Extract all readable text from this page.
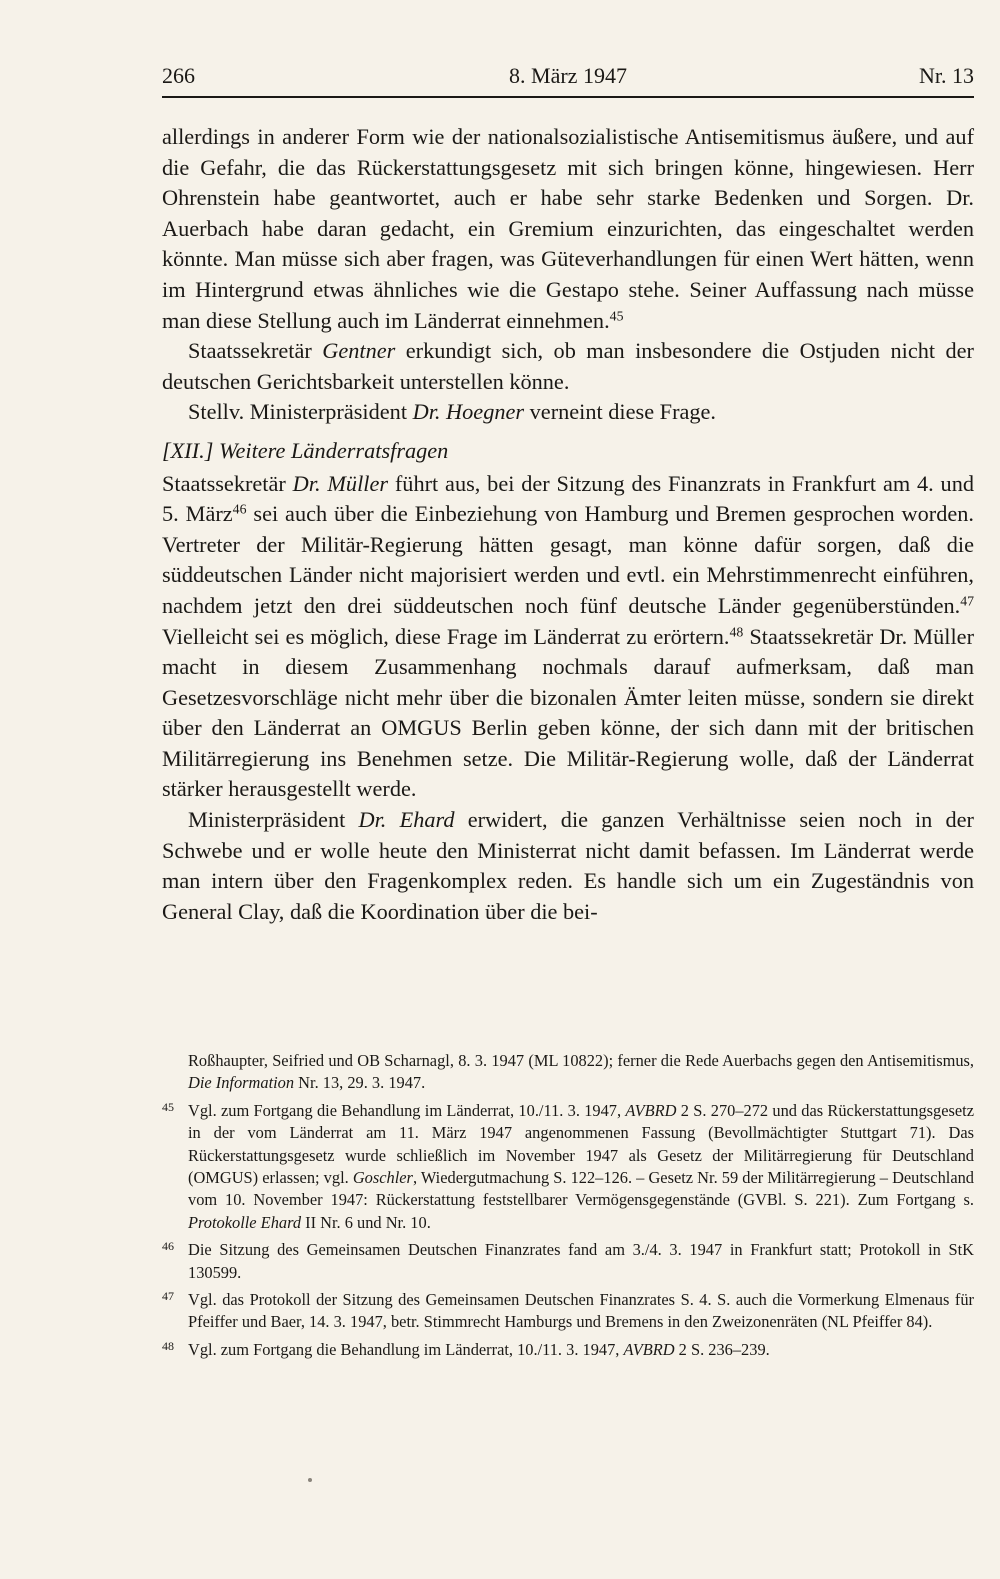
266	8. März 1947	Nr. 13

allerdings in anderer Form wie der nationalsozialistische Antisemitismus äußere, und auf die Gefahr, die das Rückerstattungsgesetz mit sich bringen könne, hingewiesen. Herr Ohrenstein habe geantwortet, auch er habe sehr starke Bedenken und Sorgen. Dr. Auerbach habe daran gedacht, ein Gremium einzurichten, das eingeschaltet werden könnte. Man müsse sich aber fragen, was Güteverhandlungen für einen Wert hätten, wenn im Hintergrund etwas ähnliches wie die Gestapo stehe. Seiner Auffassung nach müsse man diese Stellung auch im Länderrat einnehmen.$^{45}$

Staatssekretär Gentner erkundigt sich, ob man insbesondere die Ostjuden nicht der deutschen Gerichtsbarkeit unterstellen könne.

Stellv. Ministerpräsident Dr. Hoegner verneint diese Frage.

[XII.] Weitere Länderratsfragen

Staatssekretär Dr. Müller führt aus, bei der Sitzung des Finanzrats in Frankfurt am 4. und 5. März$^{46}$ sei auch über die Einbeziehung von Hamburg und Bremen gesprochen worden. Vertreter der Militär-Regierung hätten gesagt, man könne dafür sorgen, daß die süddeutschen Länder nicht majorisiert werden und evtl. ein Mehrstimmenrecht einführen, nachdem jetzt den drei süddeutschen noch fünf deutsche Länder gegenüberstünden.$^{47}$ Vielleicht sei es möglich, diese Frage im Länderrat zu erörtern.$^{48}$ Staatssekretär Dr. Müller macht in diesem Zusammenhang nochmals darauf aufmerksam, daß man Gesetzesvorschläge nicht mehr über die bizonalen Ämter leiten müsse, sondern sie direkt über den Länderrat an OMGUS Berlin geben könne, der sich dann mit der britischen Militärregierung ins Benehmen setze. Die Militär-Regierung wolle, daß der Länderrat stärker herausgestellt werde.

Ministerpräsident Dr. Ehard erwidert, die ganzen Verhältnisse seien noch in der Schwebe und er wolle heute den Ministerrat nicht damit befassen. Im Länderrat werde man intern über den Fragenkomplex reden. Es handle sich um ein Zugeständnis von General Clay, daß die Koordination über die bei-

Roßhaupter, Seifried und OB Scharnagl, 8. 3. 1947 (ML 10822); ferner die Rede Auerbachs gegen den Antisemitismus, Die Information Nr. 13, 29. 3. 1947.

45 Vgl. zum Fortgang die Behandlung im Länderrat, 10./11. 3. 1947, AVBRD 2 S. 270–272 und das Rückerstattungsgesetz in der vom Länderrat am 11. März 1947 angenommenen Fassung (Bevollmächtigter Stuttgart 71). Das Rückerstattungsgesetz wurde schließlich im November 1947 als Gesetz der Militärregierung für Deutschland (OMGUS) erlassen; vgl. Goschler, Wiedergutmachung S. 122–126. – Gesetz Nr. 59 der Militärregierung – Deutschland vom 10. November 1947: Rückerstattung feststellbarer Vermögensgegenstände (GVBl. S. 221). Zum Fortgang s. Protokolle Ehard II Nr. 6 und Nr. 10.

46 Die Sitzung des Gemeinsamen Deutschen Finanzrates fand am 3./4. 3. 1947 in Frankfurt statt; Protokoll in StK 130599.

47 Vgl. das Protokoll der Sitzung des Gemeinsamen Deutschen Finanzrates S. 4. S. auch die Vormerkung Elmenaus für Pfeiffer und Baer, 14. 3. 1947, betr. Stimmrecht Hamburgs und Bremens in den Zweizonenräten (NL Pfeiffer 84).

48 Vgl. zum Fortgang die Behandlung im Länderrat, 10./11. 3. 1947, AVBRD 2 S. 236–239.
